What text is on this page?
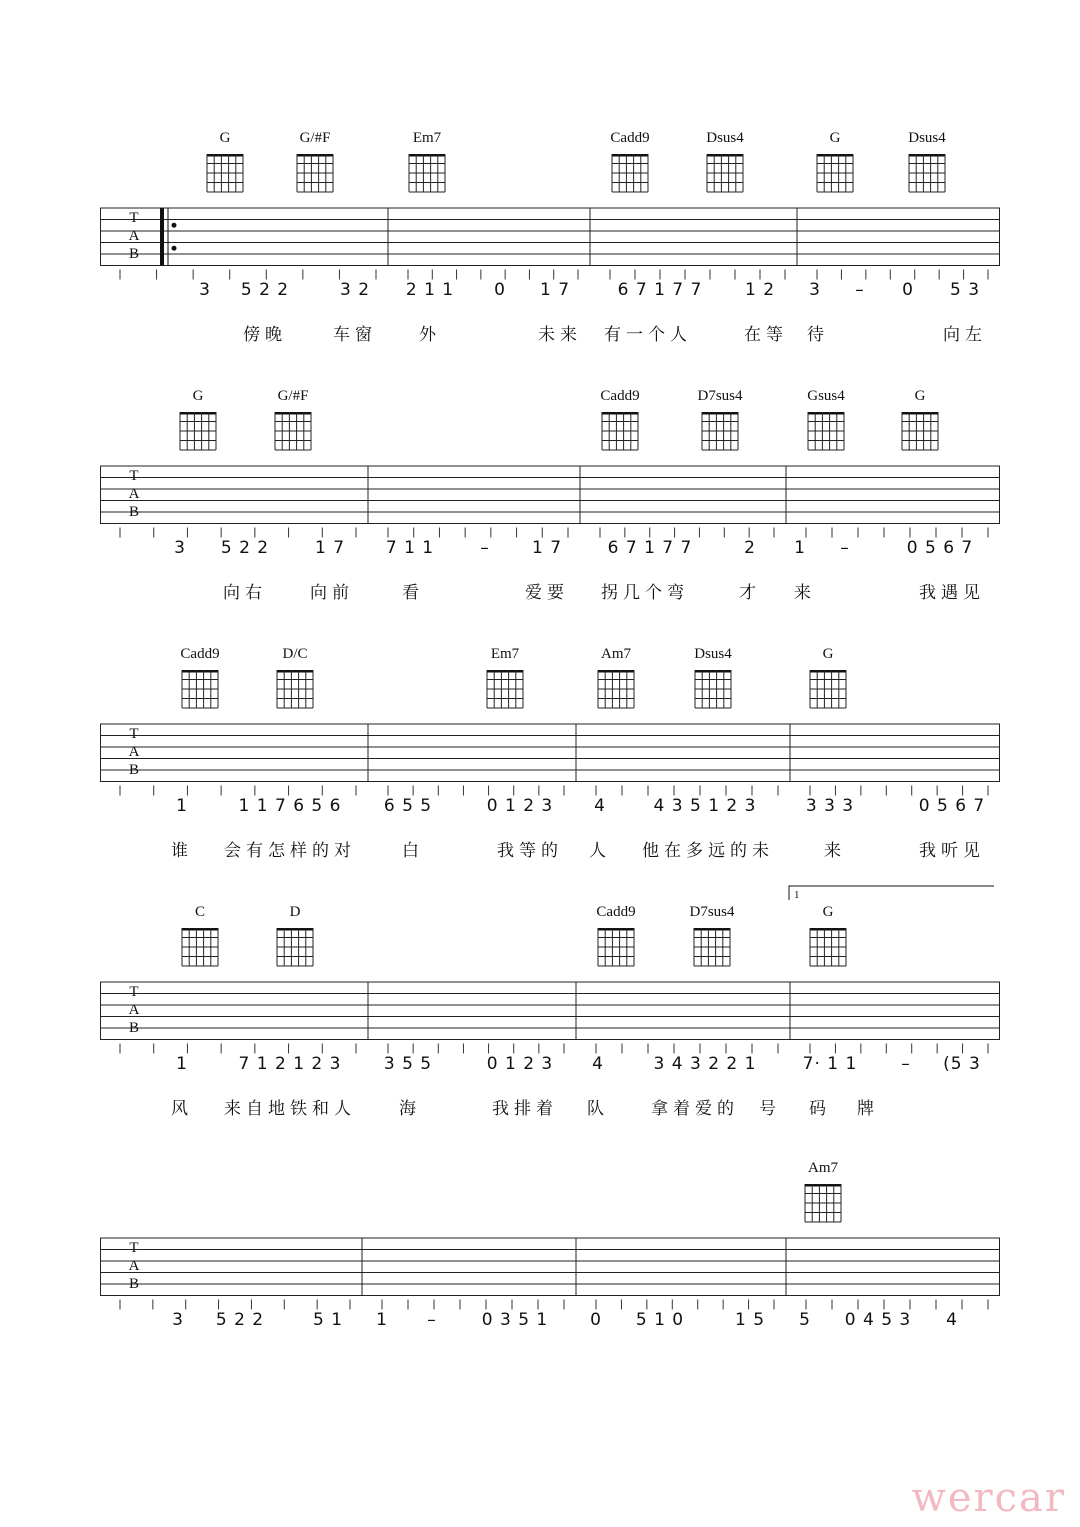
G	G/#F	Em7	Cadd9	Dsus4	G	Dsus4
T
A
B
3 5 2 2	3 2 2 1 1 0 1 7	6 7 1 7 7	1 2 3 – 0 5 3
傍晚	车窗 外	未来 有一个人	在等 待	向左
G	G/#F	Cadd9	D7sus4	Gsus4	G
T
A
B
3 5 2 2	1 7 7 1 1	– 1 7	6 7 1 7 7	2 1 –	0 5 6 7
向右	向前	看	爱要 拐几个弯	才 来	我遇见
Cadd9	D/C	Em7	Am7	Dsus4	G
T
A
B
1	1 1 7 6 5 6 6 5 5	0 1 2 3 4	4 3 5 1 2 3	3 3 3	0 5 6 7
谁 会有怎样的对	白	我等的 人 他在多远的未	来	我听见
1
C	D	Cadd9	D7sus4	G
T
A
B
1	7 1 2 1 2 3 3 5 5	0 1 2 3 4	3 4 3 2 2 1	7· 1 1	– (5 3
风 来自地铁和人	海	我排着 队 拿着爱的 号 码 牌
Am7
T
A
B
3 5 2 2	5 1 1 –	0 3 5 1 0 5 1 0	1 5 5 0 4 5 3 4
wercar
